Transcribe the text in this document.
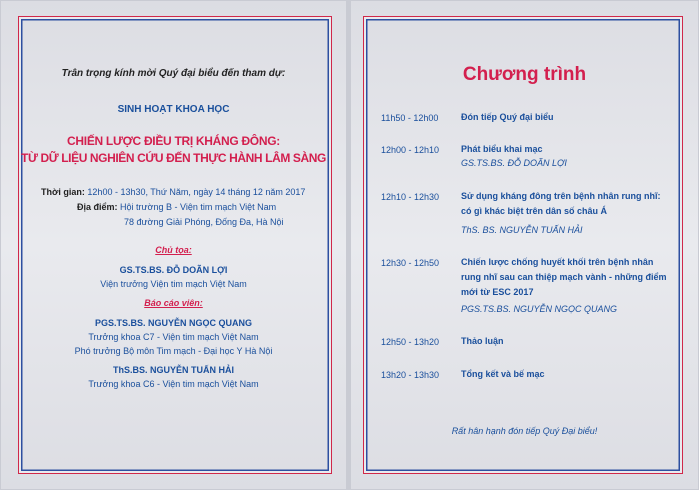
Trân trọng kính mời Quý đại biểu đến tham dự:
SINH HOẠT KHOA HỌC
CHIẾN LƯỢC ĐIỀU TRỊ KHÁNG ĐÔNG:
TỪ DỮ LIỆU NGHIÊN CỨU ĐẾN THỰC HÀNH LÂM SÀNG
Thời gian: 12h00 - 13h30, Thứ Năm, ngày 14 tháng 12 năm 2017
Địa điểm: Hội trường B - Viện tim mạch Việt Nam
78 đường Giải Phóng, Đống Đa, Hà Nội
Chủ tọa:
GS.TS.BS. ĐỖ DOÃN LỢI
Viện trưởng Viện tim mạch Việt Nam
Báo cáo viên:
PGS.TS.BS. NGUYỄN NGỌC QUANG
Trưởng khoa C7 - Viện tim mạch Việt Nam
Phó trưởng Bộ môn Tim mạch - Đại học Y Hà Nội
ThS.BS. NGUYỄN TUẤN HẢI
Trưởng khoa C6 - Viện tim mạch Việt Nam
Chương trình
11h50 - 12h00	Đón tiếp Quý đại biểu
12h00 - 12h10 Phát biểu khai mạc
GS.TS.BS. ĐỖ DOÃN LỢI
12h10 - 12h30 Sử dụng kháng đông trên bệnh nhân rung nhĩ:
có gì khác biệt trên dân số châu Á
ThS. BS. NGUYỄN TUẤN HẢI
12h30 - 12h50 Chiến lược chống huyết khối trên bệnh nhân
rung nhĩ sau can thiệp mạch vành - những điểm
mới từ ESC 2017
PGS.TS.BS. NGUYỄN NGỌC QUANG
12h50 - 13h20 Thảo luận
13h20 - 13h30 Tổng kết và bế mạc
Rất hân hạnh đón tiếp Quý Đại biểu!
